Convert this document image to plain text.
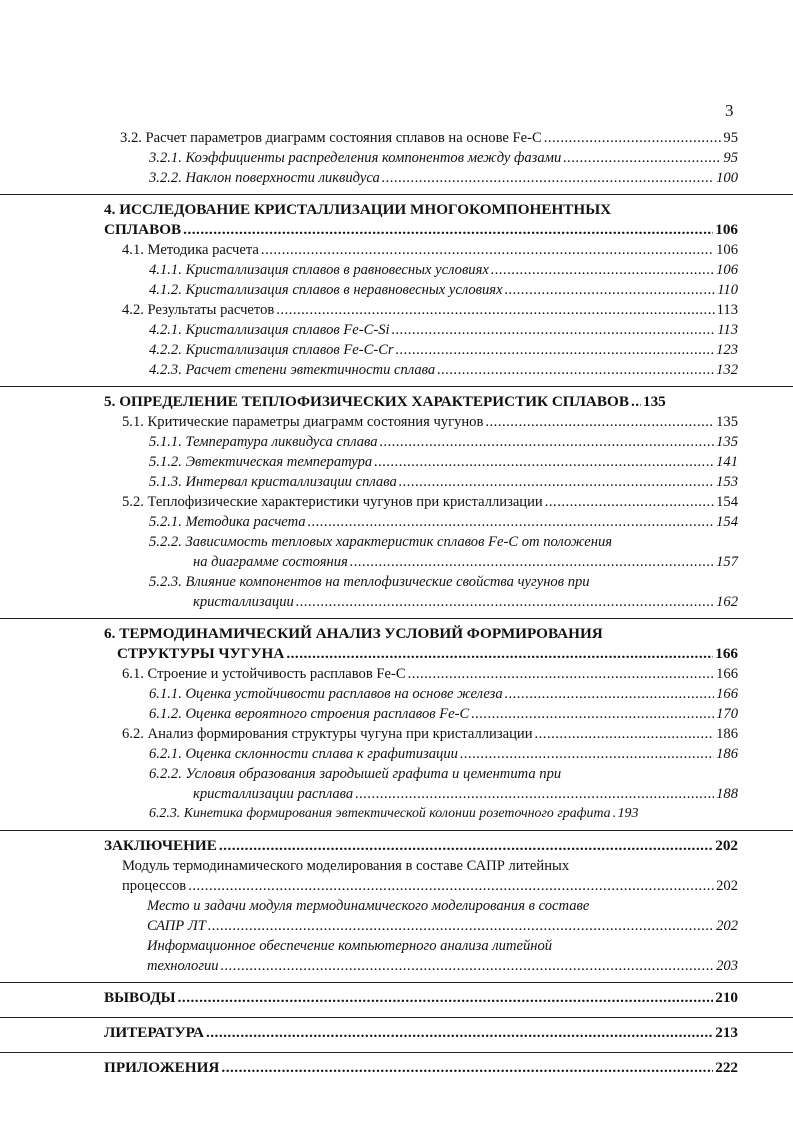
3
3.2. Расчет параметров диаграмм состояния сплавов на основе Fe-C .....	95
3.2.1. Коэффициенты распределения компонентов между фазами .....	95
3.2.2. Наклон поверхности ликвидуса .....	100
4. ИССЛЕДОВАНИЕ КРИСТАЛЛИЗАЦИИ МНОГОКОМПОНЕНТНЫХ
СПЛАВОВ .....	106
4.1. Методика расчета .....	106
4.1.1. Кристаллизация сплавов в равновесных условиях .....	106
4.1.2. Кристаллизация сплавов в неравновесных условиях .....	110
4.2. Результаты расчетов .....	113
4.2.1. Кристаллизация сплавов Fe-C-Si .....	113
4.2.2. Кристаллизация сплавов Fe-C-Cr .....	123
4.2.3. Расчет степени эвтектичности сплава .....	132
5. ОПРЕДЕЛЕНИЕ ТЕПЛОФИЗИЧЕСКИХ ХАРАКТЕРИСТИК СПЛАВОВ ..... 135
5.1. Критические параметры диаграмм состояния чугунов .....	135
5.1.1. Температура ликвидуса сплава .....	135
5.1.2. Эвтектическая температура .....	141
5.1.3. Интервал кристаллизации сплава .....	153
5.2. Теплофизические характеристики чугунов при кристаллизации .....	154
5.2.1. Методика расчета .....	154
5.2.2. Зависимость тепловых характеристик сплавов Fe-C от положения
на диаграмме состояния .....	157
5.2.3. Влияние компонентов на теплофизические свойства чугунов при
кристаллизации .....	162
6. ТЕРМОДИНАМИЧЕСКИЙ АНАЛИЗ УСЛОВИЙ ФОРМИРОВАНИЯ
СТРУКТУРЫ ЧУГУНА .....	166
6.1. Строение и устойчивость расплавов Fe-C .....	166
6.1.1. Оценка устойчивости расплавов на основе железа .....	166
6.1.2. Оценка вероятного строения расплавов Fe-C .....	170
6.2. Анализ формирования структуры чугуна при кристаллизации .....	186
6.2.1. Оценка склонности сплава к графитизации .....	186
6.2.2. Условия образования зародышей графита и цементита при
кристаллизации расплава .....	188
6.2.3. Кинетика формирования эвтектической колонии розеточного графита ..... 193
ЗАКЛЮЧЕНИЕ .....	202
Модуль термодинамического моделирования в составе САПР литейных
процессов .....	202
Место и задачи модуля термодинамического моделирования в составе
САПР ЛТ .....	202
Информационное обеспечение компьютерного анализа литейной
технологии .....	203
ВЫВОДЫ .....	210
ЛИТЕРАТУРА .....	213
ПРИЛОЖЕНИЯ .....	222
